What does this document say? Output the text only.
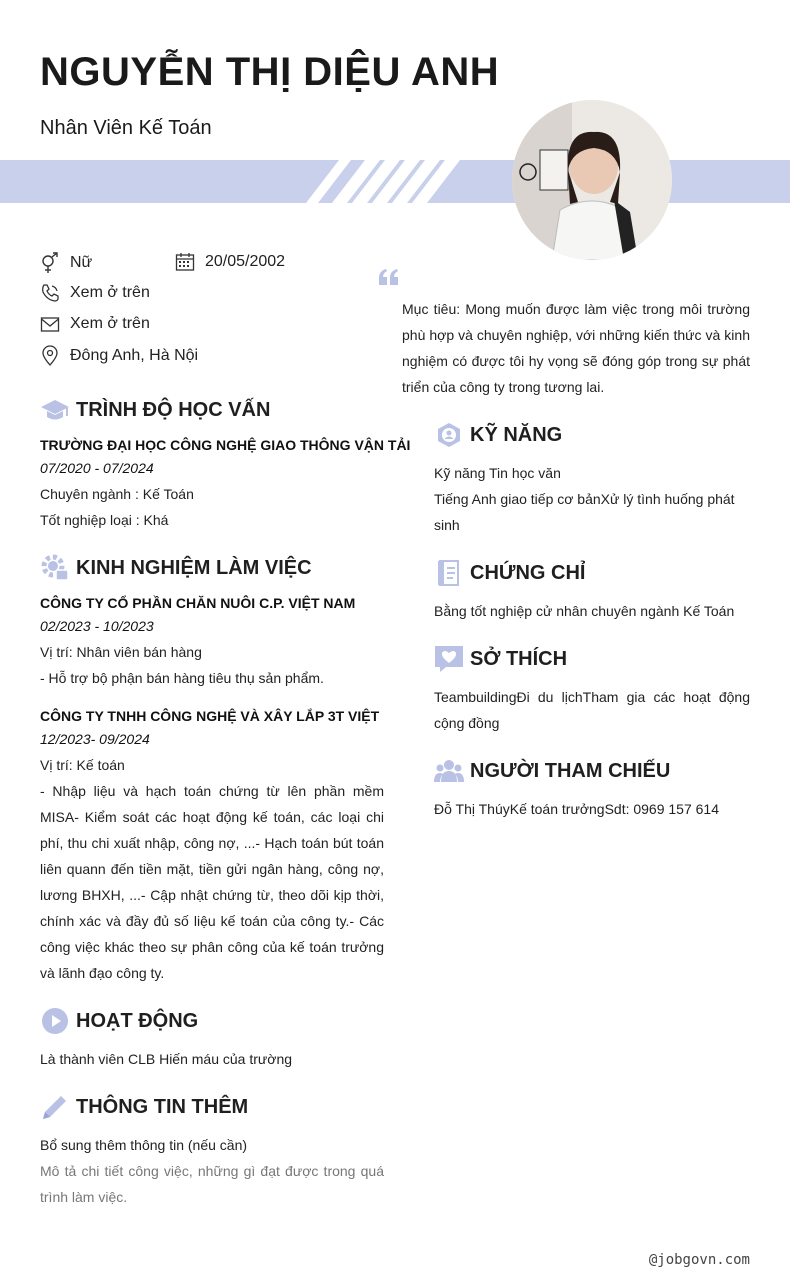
NGUYỄN THỊ DIỆU ANH
Nhân Viên Kế Toán
Nữ	20/05/2002
Xem ở trên
Xem ở trên
Đông Anh, Hà Nội
Mục tiêu: Mong muốn được làm việc trong môi trường phù hợp và chuyên nghiệp, với những kiến thức và kinh nghiệm có được tôi hy vọng sẽ đóng góp trong sự phát triển của công ty trong tương lai.
TRÌNH ĐỘ HỌC VẤN
TRƯỜNG ĐẠI HỌC CÔNG NGHỆ GIAO THÔNG VẬN TẢI
07/2020 - 07/2024
Chuyên ngành : Kế Toán
Tốt nghiệp loại : Khá
KINH NGHIỆM LÀM VIỆC
CÔNG TY CỔ PHẦN CHĂN NUÔI C.P. VIỆT NAM
02/2023 - 10/2023
Vị trí: Nhân viên bán hàng
- Hỗ trợ bộ phận bán hàng tiêu thụ sản phẩm.
CÔNG TY TNHH CÔNG NGHỆ VÀ XÂY LẮP 3T VIỆT
12/2023- 09/2024
Vị trí: Kế toán
- Nhập liệu và hạch toán chứng từ lên phần mềm MISA- Kiểm soát các hoạt động kế toán, các loại chi phí, thu chi xuất nhập, công nợ, ...- Hạch toán bút toán liên quann đến tiền mặt, tiền gửi ngân hàng, công nợ, lương BHXH, ...- Cập nhật chứng từ, theo dõi kịp thời, chính xác và đầy đủ số liệu kế toán của công ty.- Các công việc khác theo sự phân công của kế toán trưởng và lãnh đạo công ty.
HOẠT ĐỘNG
Là thành viên CLB Hiến máu của trường
THÔNG TIN THÊM
Bổ sung thêm thông tin (nếu cần)
Mô tả chi tiết công việc, những gì đạt được trong quá trình làm việc.
KỸ NĂNG
Kỹ năng Tin học văn
Tiếng Anh giao tiếp cơ bảnXử lý tình huống phát sinh
CHỨNG CHỈ
Bằng tốt nghiệp cử nhân chuyên ngành Kế Toán
SỞ THÍCH
TeambuildingĐi du lịchTham gia các hoạt động cộng đồng
NGƯỜI THAM CHIẾU
Đỗ Thị ThúyKế toán trưởngSdt: 0969 157 614
@jobgovn.com
